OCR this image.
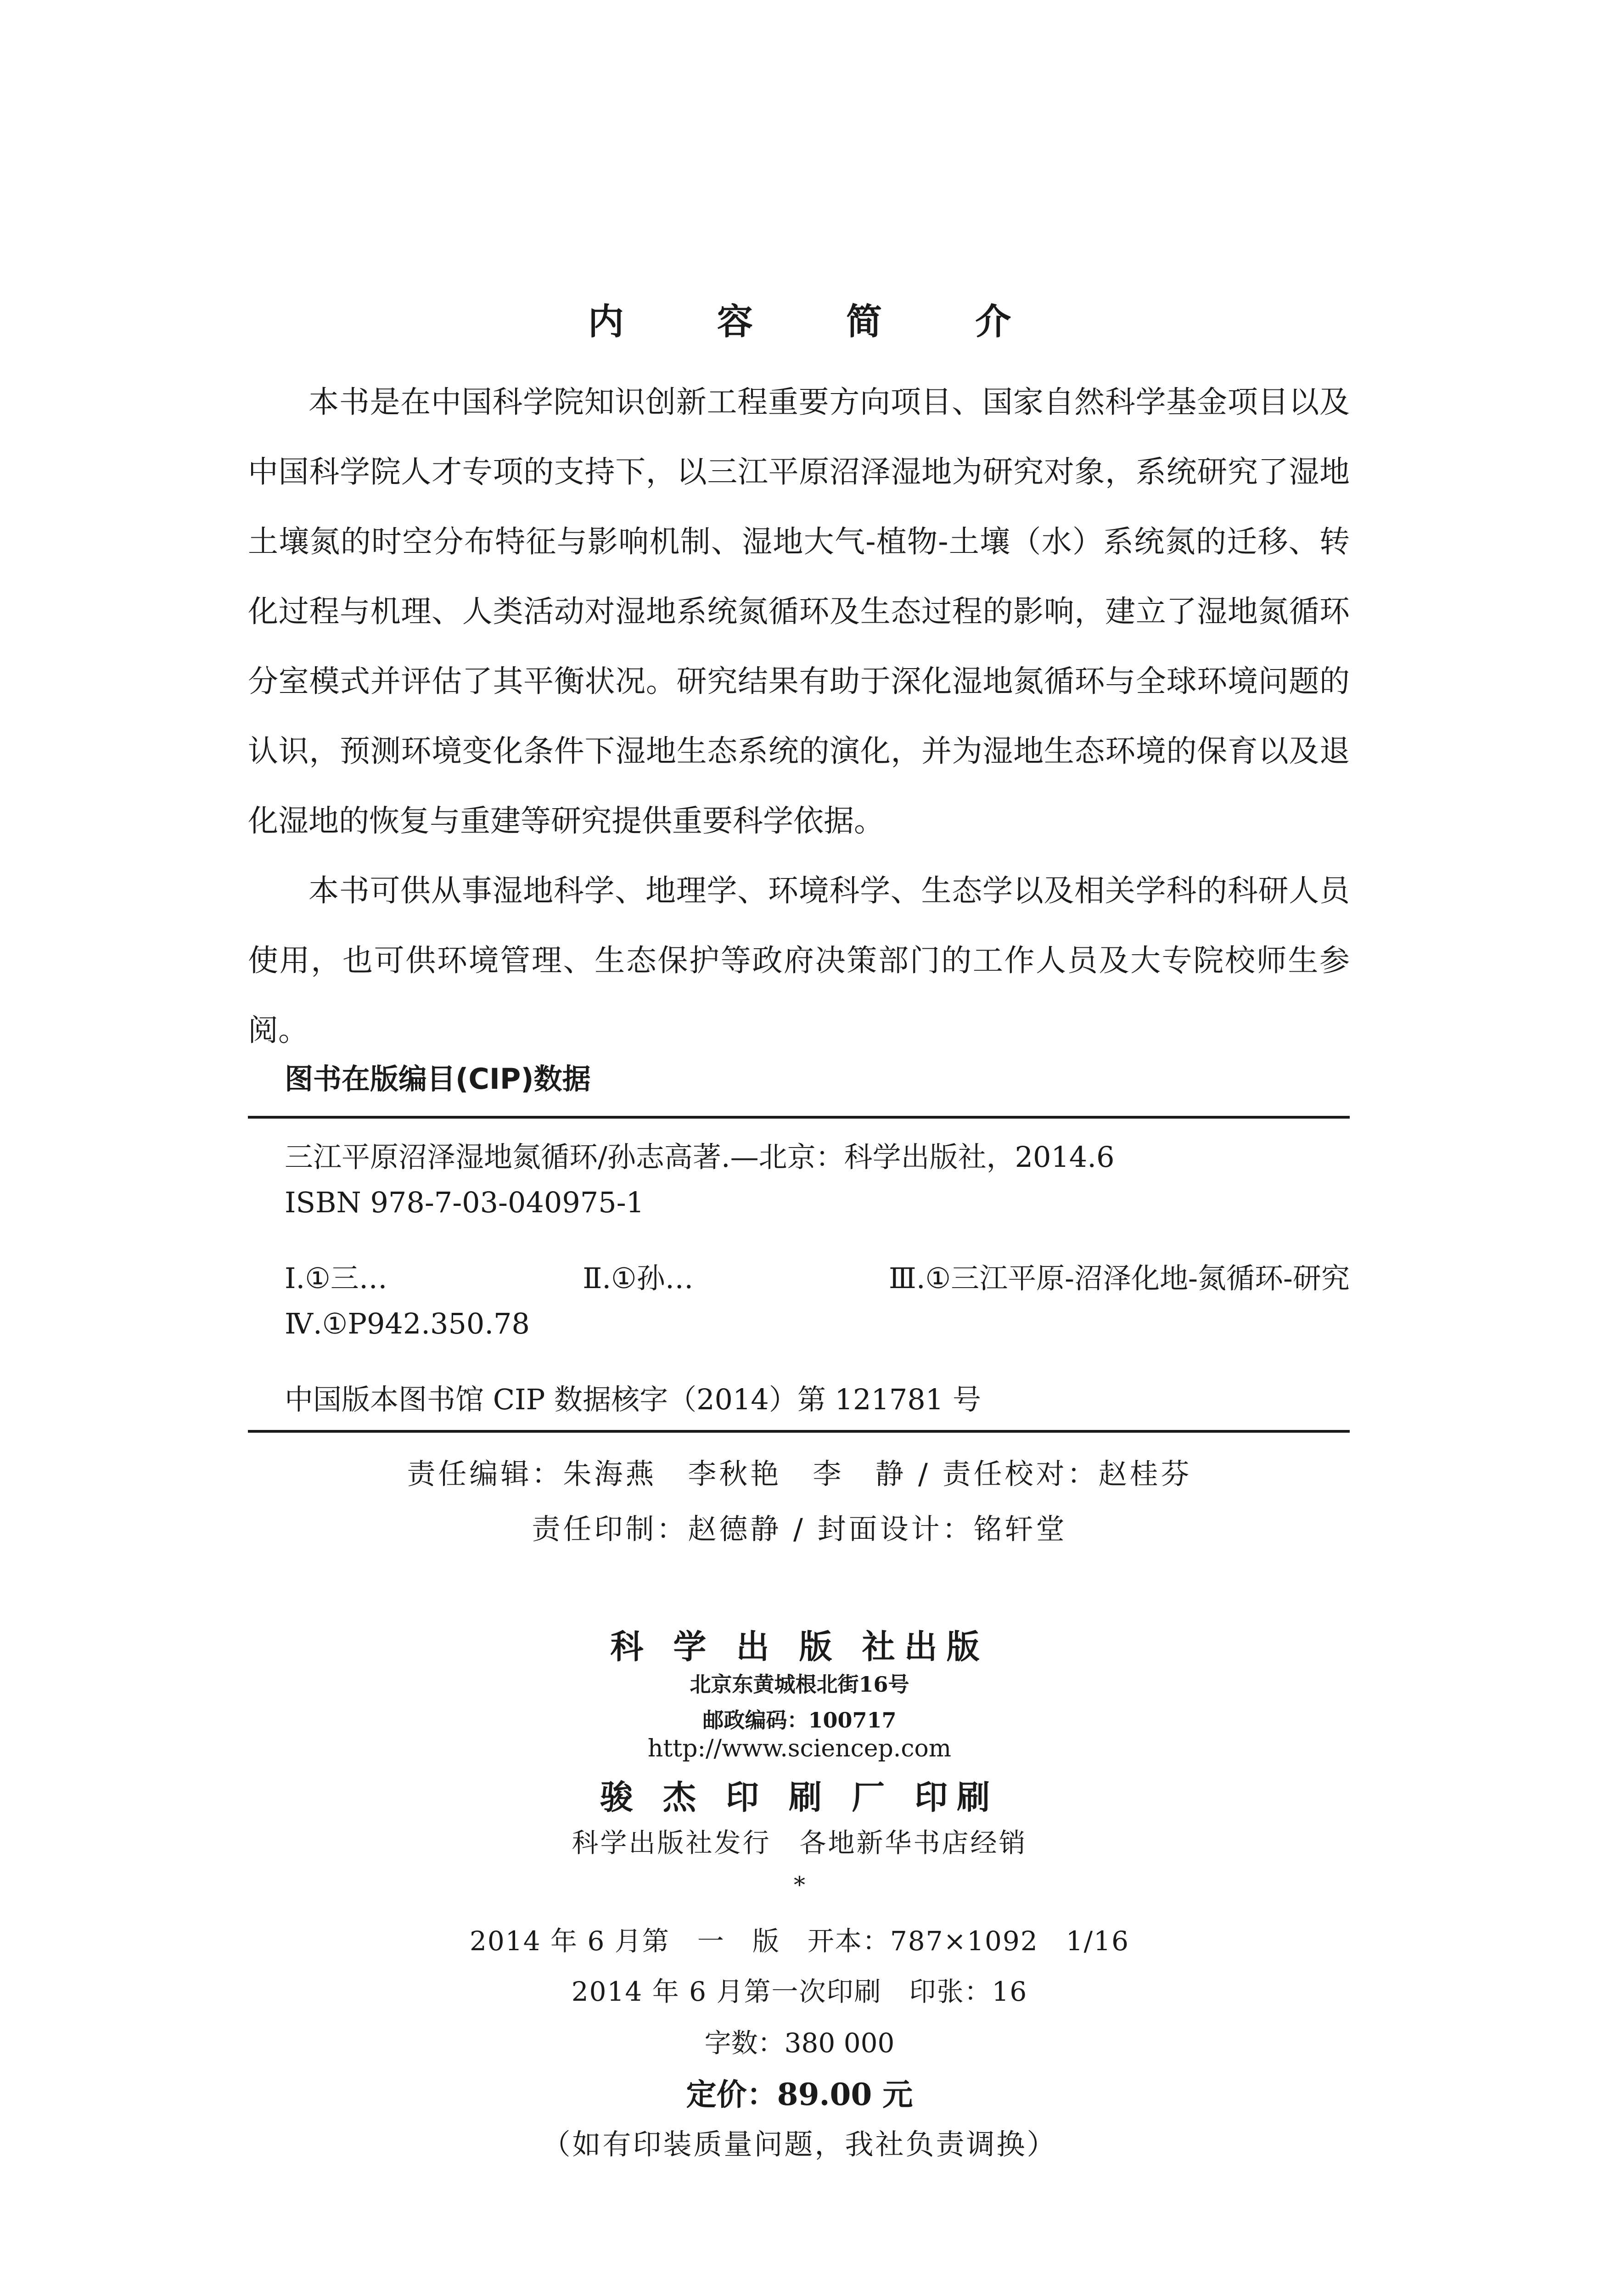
内 容 简 介

本书是在中国科学院知识创新工程重要方向项目、国家自然科学基金项目以及中国科学院人才专项的支持下，以三江平原沼泽湿地为研究对象，系统研究了湿地土壤氮的时空分布特征与影响机制、湿地大气-植物-土壤（水）系统氮的迁移、转化过程与机理、人类活动对湿地系统氮循环及生态过程的影响，建立了湿地氮循环分室模式并评估了其平衡状况。研究结果有助于深化湿地氮循环与全球环境问题的认识，预测环境变化条件下湿地生态系统的演化，并为湿地生态环境的保育以及退化湿地的恢复与重建等研究提供重要科学依据。

本书可供从事湿地科学、地理学、环境科学、生态学以及相关学科的科研人员使用，也可供环境管理、生态保护等政府决策部门的工作人员及大专院校师生参阅。

图书在版编目(CIP)数据

三江平原沼泽湿地氮循环/孙志高著.—北京：科学出版社，2014.6

ISBN 978-7-03-040975-1

Ⅰ.①三…	Ⅱ.①孙…	Ⅲ.①三江平原-沼泽化地-氮循环-研究

Ⅳ.①P942.350.78

中国版本图书馆 CIP 数据核字（2014）第 121781 号

责任编辑：朱海燕　李秋艳　李　静 / 责任校对：赵桂芬
责任印制：赵德静 / 封面设计：铭轩堂
科 学 出 版 社出版
北京东黄城根北街16号
邮政编码：100717
http://www.sciencep.com
骏 杰 印 刷 厂 印刷
科学出版社发行　各地新华书店经销
*
2014 年 6 月第　一　版　开本：787×1092　1/16
2014 年 6 月第一次印刷　印张：16
字数：380 000
定价：89.00 元
（如有印装质量问题，我社负责调换）
